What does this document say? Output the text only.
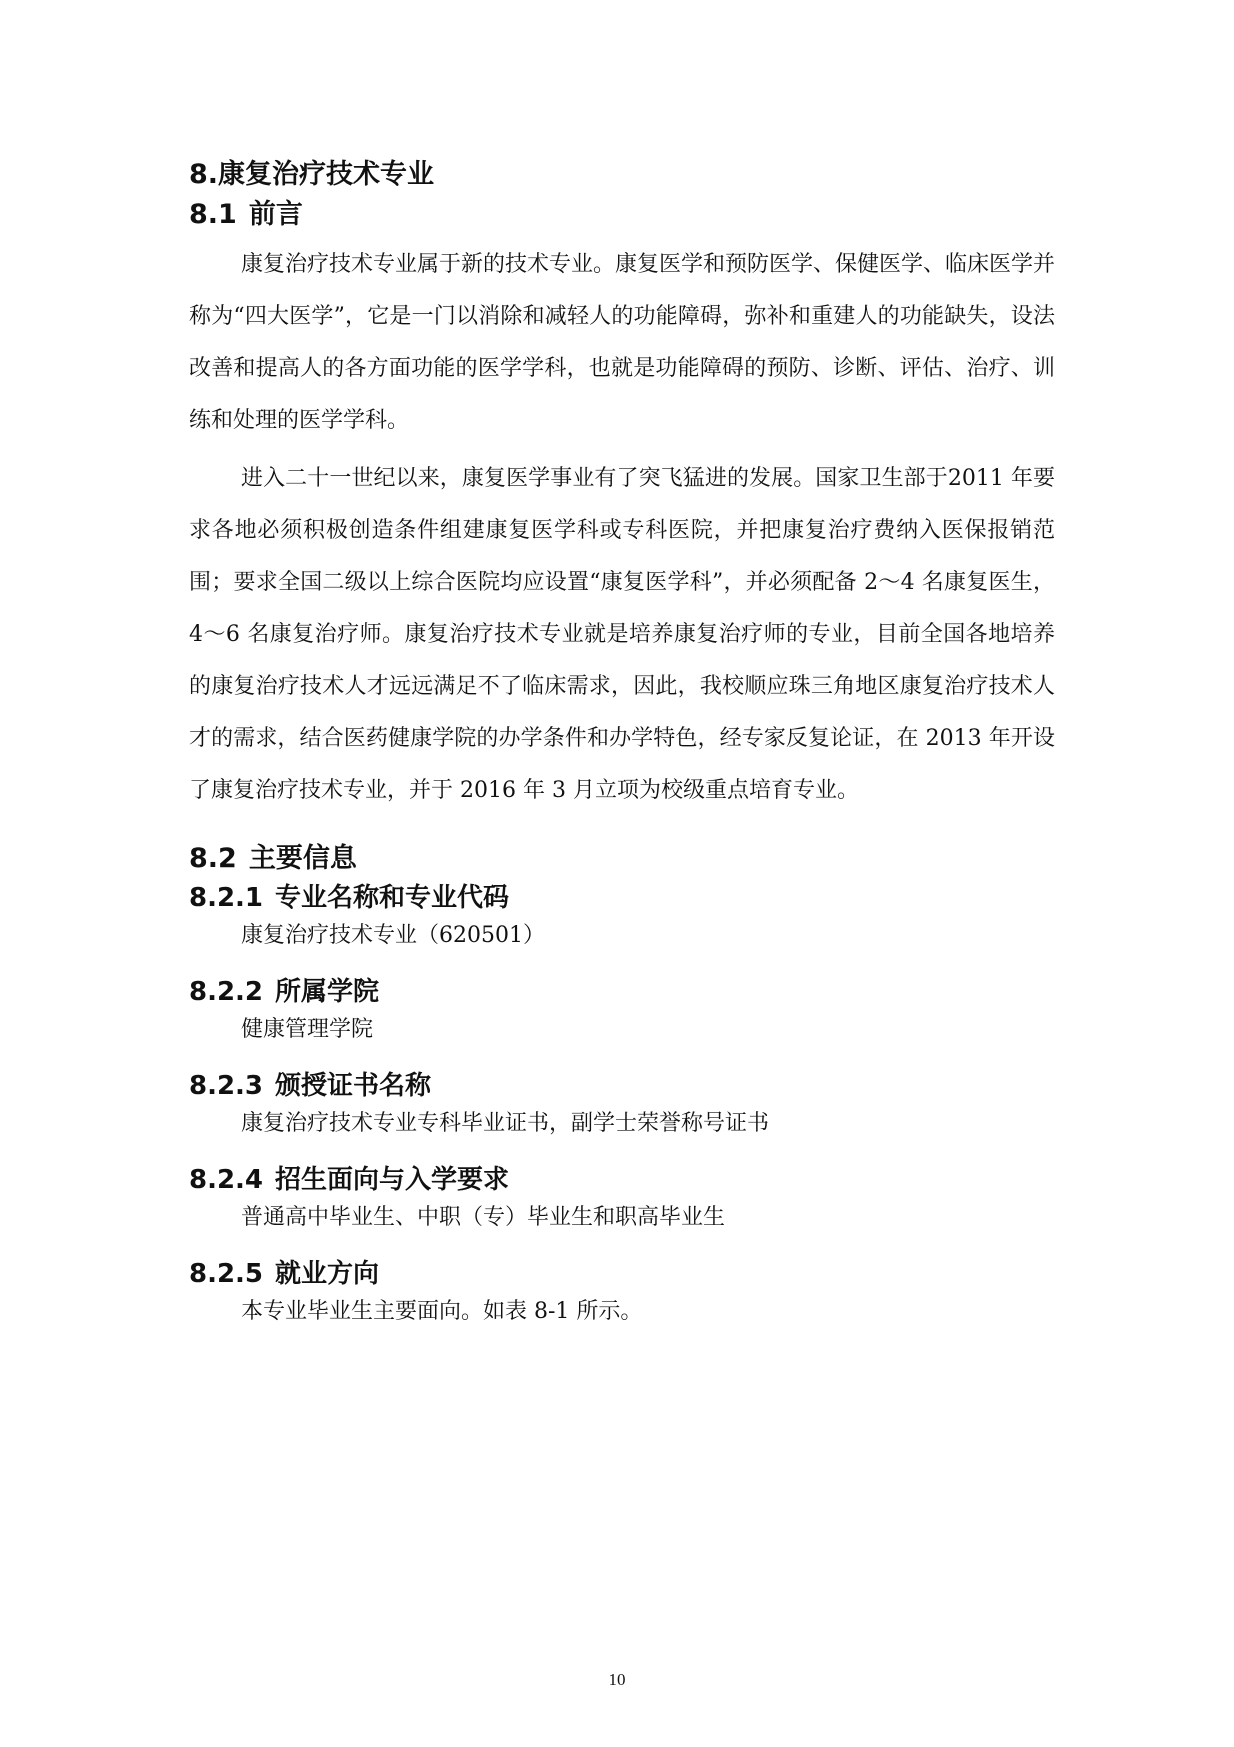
8.康复治疗技术专业
8.1 前言

康复治疗技术专业属于新的技术专业。康复医学和预防医学、保健医学、临床医学并称为“四大医学”，它是一门以消除和减轻人的功能障碍，弥补和重建人的功能缺失，设法改善和提高人的各方面功能的医学学科，也就是功能障碍的预防、诊断、评估、治疗、训练和处理的医学学科。

进入二十一世纪以来，康复医学事业有了突飞猛进的发展。国家卫生部于2011 年要求各地必须积极创造条件组建康复医学科或专科医院，并把康复治疗费纳入医保报销范围；要求全国二级以上综合医院均应设置“康复医学科”，并必须配备 2～4 名康复医生，4～6 名康复治疗师。康复治疗技术专业就是培养康复治疗师的专业，目前全国各地培养的康复治疗技术人才远远满足不了临床需求，因此，我校顺应珠三角地区康复治疗技术人才的需求，结合医药健康学院的办学条件和办学特色，经专家反复论证，在 2013 年开设了康复治疗技术专业，并于 2016 年 3 月立项为校级重点培育专业。

8.2 主要信息
8.2.1 专业名称和专业代码

康复治疗技术专业（620501）

8.2.2 所属学院

健康管理学院

8.2.3 颁授证书名称

康复治疗技术专业专科毕业证书，副学士荣誉称号证书

8.2.4 招生面向与入学要求

普通高中毕业生、中职（专）毕业生和职高毕业生

8.2.5 就业方向

本专业毕业生主要面向。如表 8-1 所示。

10
